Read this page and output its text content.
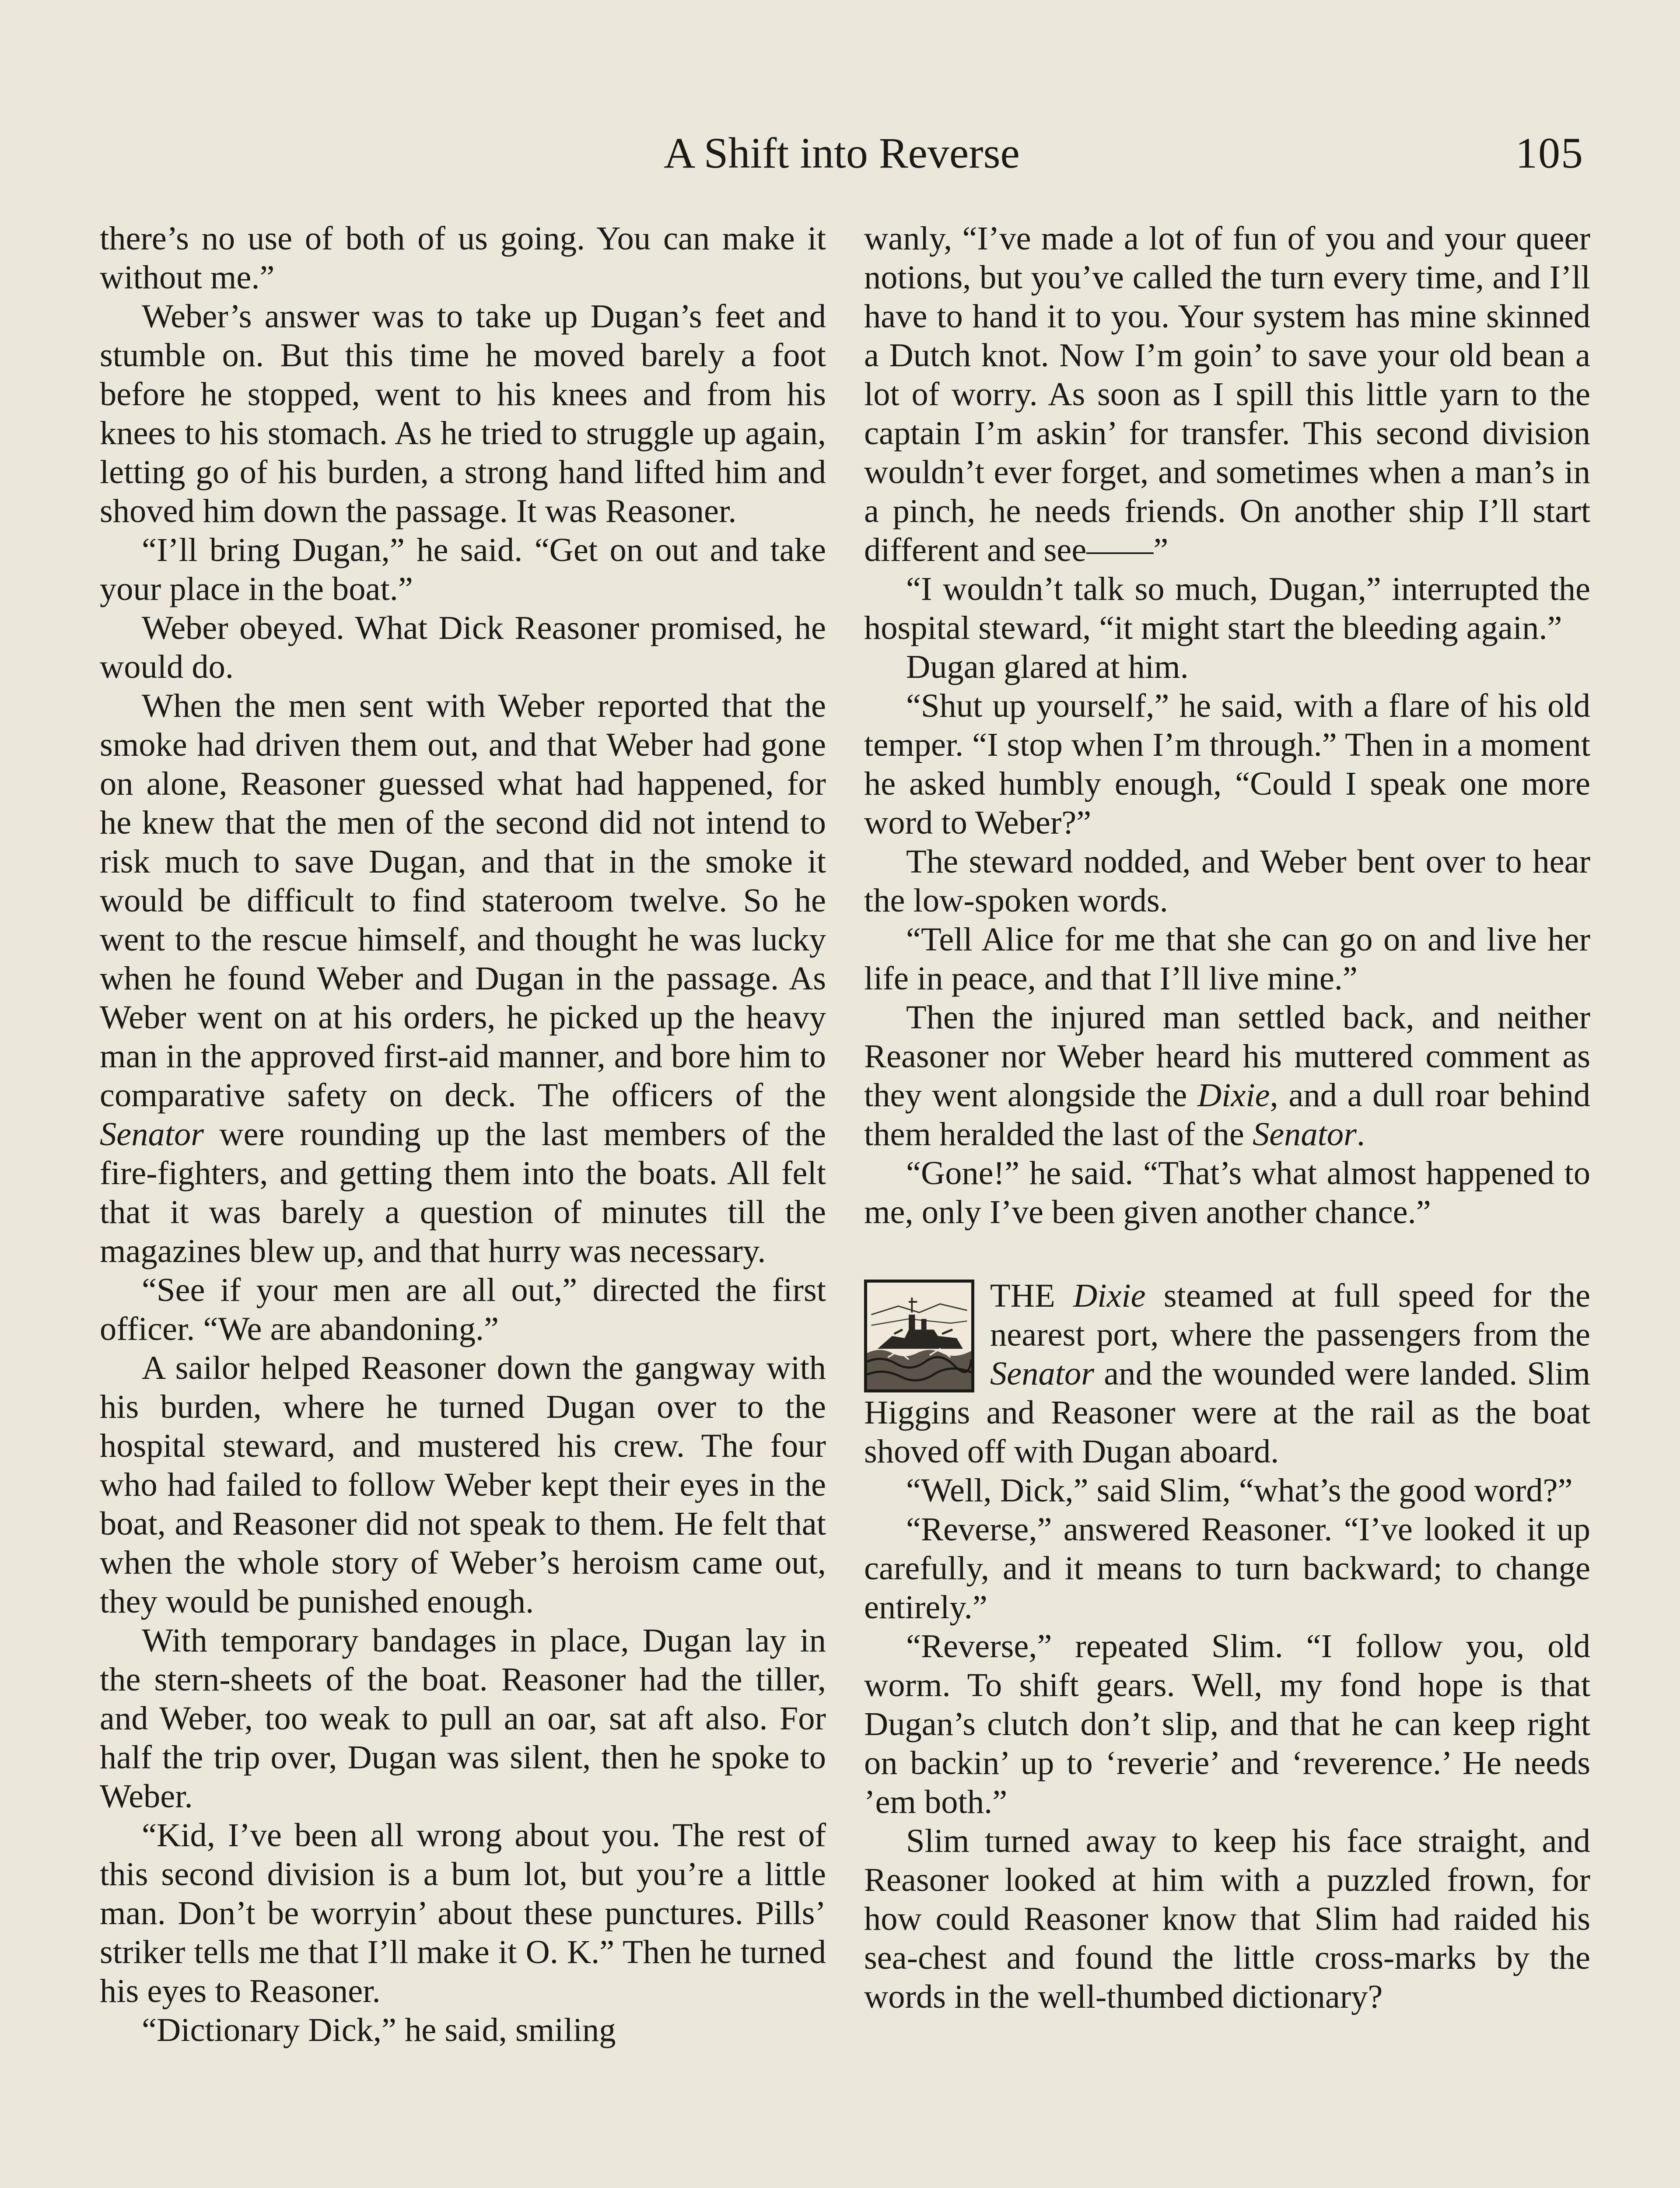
A Shift into Reverse	105

there’s no use of both of us going. You can make it without me.”

Weber’s answer was to take up Dugan’s feet and stumble on. But this time he moved barely a foot before he stopped, went to his knees and from his knees to his stomach. As he tried to struggle up again, letting go of his burden, a strong hand lifted him and shoved him down the passage. It was Reasoner.

“I’ll bring Dugan,” he said. “Get on out and take your place in the boat.”

Weber obeyed. What Dick Reasoner promised, he would do.

When the men sent with Weber reported that the smoke had driven them out, and that Weber had gone on alone, Reasoner guessed what had happened, for he knew that the men of the second did not intend to risk much to save Dugan, and that in the smoke it would be difficult to find stateroom twelve. So he went to the rescue himself, and thought he was lucky when he found Weber and Dugan in the passage. As Weber went on at his orders, he picked up the heavy man in the approved first-aid manner, and bore him to comparative safety on deck. The officers of the Senator were rounding up the last members of the fire-fighters, and getting them into the boats. All felt that it was barely a question of minutes till the magazines blew up, and that hurry was necessary.

“See if your men are all out,” directed the first officer. “We are abandoning.”

A sailor helped Reasoner down the gangway with his burden, where he turned Dugan over to the hospital steward, and mustered his crew. The four who had failed to follow Weber kept their eyes in the boat, and Reasoner did not speak to them. He felt that when the whole story of Weber’s heroism came out, they would be punished enough.

With temporary bandages in place, Dugan lay in the stern-sheets of the boat. Reasoner had the tiller, and Weber, too weak to pull an oar, sat aft also. For half the trip over, Dugan was silent, then he spoke to Weber.

“Kid, I’ve been all wrong about you. The rest of this second division is a bum lot, but you’re a little man. Don’t be worryin’ about these punctures. Pills’ striker tells me that I’ll make it O. K.” Then he turned his eyes to Reasoner.

“Dictionary Dick,” he said, smiling

wanly, “I’ve made a lot of fun of you and your queer notions, but you’ve called the turn every time, and I’ll have to hand it to you. Your system has mine skinned a Dutch knot. Now I’m goin’ to save your old bean a lot of worry. As soon as I spill this little yarn to the captain I’m askin’ for transfer. This second division wouldn’t ever forget, and sometimes when a man’s in a pinch, he needs friends. On another ship I’ll start different and see——”

“I wouldn’t talk so much, Dugan,” interrupted the hospital steward, “it might start the bleeding again.”

Dugan glared at him.

“Shut up yourself,” he said, with a flare of his old temper. “I stop when I’m through.” Then in a moment he asked humbly enough, “Could I speak one more word to Weber?”

The steward nodded, and Weber bent over to hear the low-spoken words.

“Tell Alice for me that she can go on and live her life in peace, and that I’ll live mine.”

Then the injured man settled back, and neither Reasoner nor Weber heard his muttered comment as they went alongside the Dixie, and a dull roar behind them heralded the last of the Senator.

“Gone!” he said. “That’s what almost happened to me, only I’ve been given another chance.”

THE Dixie steamed at full speed for the nearest port, where the passengers from the Senator and the wounded were landed. Slim Higgins and Reasoner were at the rail as the boat shoved off with Dugan aboard.

“Well, Dick,” said Slim, “what’s the good word?”

“Reverse,” answered Reasoner. “I’ve looked it up carefully, and it means to turn backward; to change entirely.”

“Reverse,” repeated Slim. “I follow you, old worm. To shift gears. Well, my fond hope is that Dugan’s clutch don’t slip, and that he can keep right on backin’ up to ‘reverie’ and ‘reverence.’ He needs ’em both.”

Slim turned away to keep his face straight, and Reasoner looked at him with a puzzled frown, for how could Reasoner know that Slim had raided his sea-chest and found the little cross-marks by the words in the well-thumbed dictionary?
